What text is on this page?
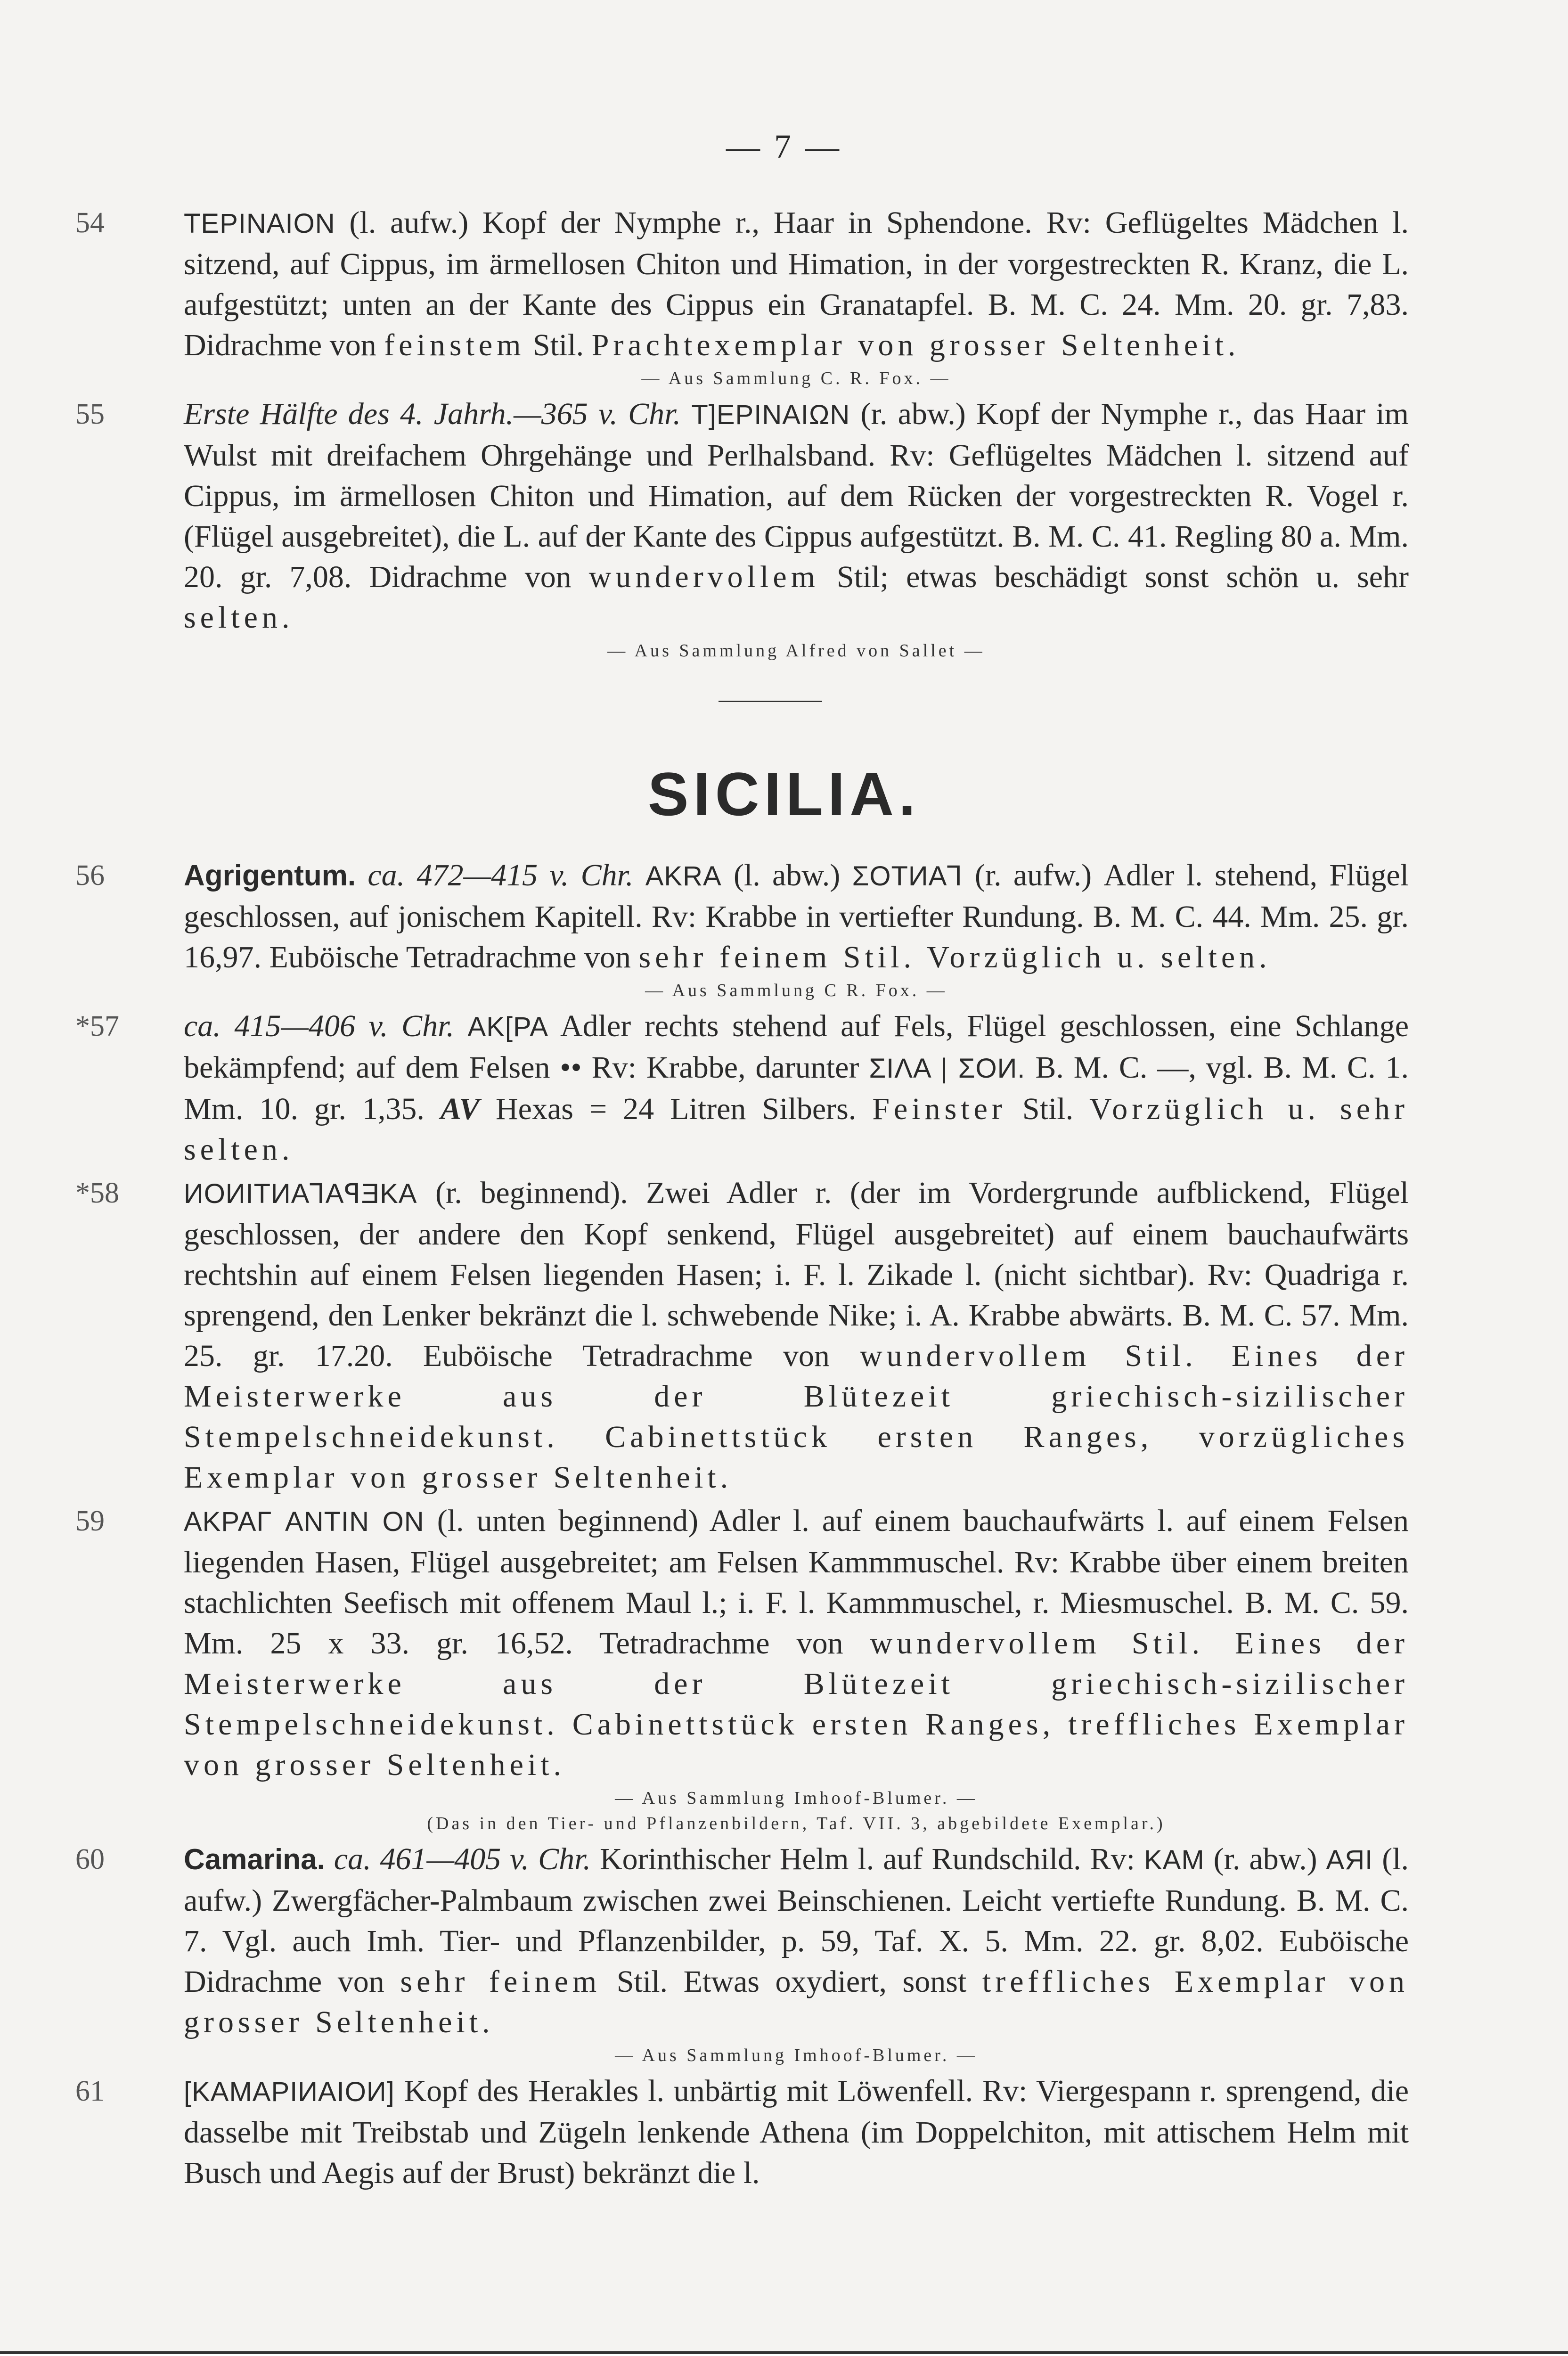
— 7 —
54	TEPINAION (l. aufw.) Kopf der Nymphe r., Haar in Sphendone. Rv: Geflügeltes Mädchen l. sitzend, auf Cippus, im ärmellosen Chiton und Himation, in der vorgestreckten R. Kranz, die L. aufgestützt; unten an der Kante des Cippus ein Granatapfel. B. M. C. 24. Mm. 20. gr. 7,83. Didrachme von feinstem Stil. Prachtexemplar von grosser Seltenheit.
— Aus Sammlung C. R. Fox. —
55	Erste Hälfte des 4. Jahrh.—365 v. Chr. T]EPINAIΩN (r. abw.) Kopf der Nymphe r., das Haar im Wulst mit dreifachem Ohrgehänge und Perlhalsband. Rv: Geflügeltes Mädchen l. sitzend auf Cippus, im ärmellosen Chiton und Himation, auf dem Rücken der vorgestreckten R. Vogel r. (Flügel ausgebreitet), die L. auf der Kante des Cippus aufgestützt. B. M. C. 41. Regling 80 a. Mm. 20. gr. 7,08. Didrachme von wundervollem Stil; etwas beschädigt sonst schön u. sehr selten.
— Aus Sammlung Alfred von Sallet —
SICILIA.
56	Agrigentum. ca. 472—415 v. Chr. AKRA (l. abw.) ΣOTИAꓶ (r. aufw.) Adler l. stehend, Flügel geschlossen, auf jonischem Kapitell. Rv: Krabbe in vertiefter Rundung. B. M. C. 44. Mm. 25. gr. 16,97. Euböische Tetradrachme von sehr feinem Stil. Vorzüglich u. selten.
— Aus Sammlung C R. Fox. —
*57 ca. 415—406 v. Chr. AK[PA Adler rechts stehend auf Fels, Flügel geschlossen, eine Schlange bekämpfend; auf dem Felsen •• Rv: Krabbe, darunter ΣIΛA | ΣOИ. B. M. C. —, vgl. B. M. C. 1. Mm. 10. gr. 1,35. AV Hexas = 24 Litren Silbers. Feinster Stil. Vorzüglich u. sehr selten.
*58 ИOИITИAꓶAꟼƎKA (r. beginnend). Zwei Adler r. (der im Vordergrunde aufblickend, Flügel geschlossen, der andere den Kopf senkend, Flügel ausgebreitet) auf einem bauchaufwärts rechtshin auf einem Felsen liegenden Hasen; i. F. l. Zikade l. (nicht sichtbar). Rv: Quadriga r. sprengend, den Lenker bekränzt die l. schwebende Nike; i. A. Krabbe abwärts. B. M. C. 57. Mm. 25. gr. 17.20. Euböische Tetradrachme von wundervollem Stil. Eines der Meisterwerke aus der Blütezeit griechisch-sizilischer Stempelschneidekunst. Cabinettstück ersten Ranges, vorzügliches Exemplar von grosser Seltenheit.
59	AKPAΓ ANTIN ON (l. unten beginnend) Adler l. auf einem bauchaufwärts l. auf einem Felsen liegenden Hasen, Flügel ausgebreitet; am Felsen Kammmuschel. Rv: Krabbe über einem breiten stachlichten Seefisch mit offenem Maul l.; i. F. l. Kammmuschel, r. Miesmuschel. B. M. C. 59. Mm. 25 x 33. gr. 16,52. Tetradrachme von wundervollem Stil. Eines der Meisterwerke aus der Blütezeit griechisch-sizilischer Stempelschneidekunst. Cabinettstück ersten Ranges, treffliches Exemplar von grosser Seltenheit.
— Aus Sammlung Imhoof-Blumer. —
(Das in den Tier- und Pflanzenbildern, Taf. VII. 3, abgebildete Exemplar.)
60	Camarina. ca. 461—405 v. Chr. Korinthischer Helm l. auf Rundschild. Rv: KAM (r. abw.) AЯI (l. aufw.) Zwergfächer-Palmbaum zwischen zwei Beinschienen. Leicht vertiefte Rundung. B. M. C. 7. Vgl. auch Imh. Tier- und Pflanzenbilder, p. 59, Taf. X. 5. Mm. 22. gr. 8,02. Euböische Didrachme von sehr feinem Stil. Etwas oxydiert, sonst treffliches Exemplar von grosser Seltenheit.
— Aus Sammlung Imhoof-Blumer. —
61	[KAMAPIИAIOИ] Kopf des Herakles l. unbärtig mit Löwenfell. Rv: Viergespann r. sprengend, die dasselbe mit Treibstab und Zügeln lenkende Athena (im Doppelchiton, mit attischem Helm mit Busch und Aegis auf der Brust) bekränzt die l.
